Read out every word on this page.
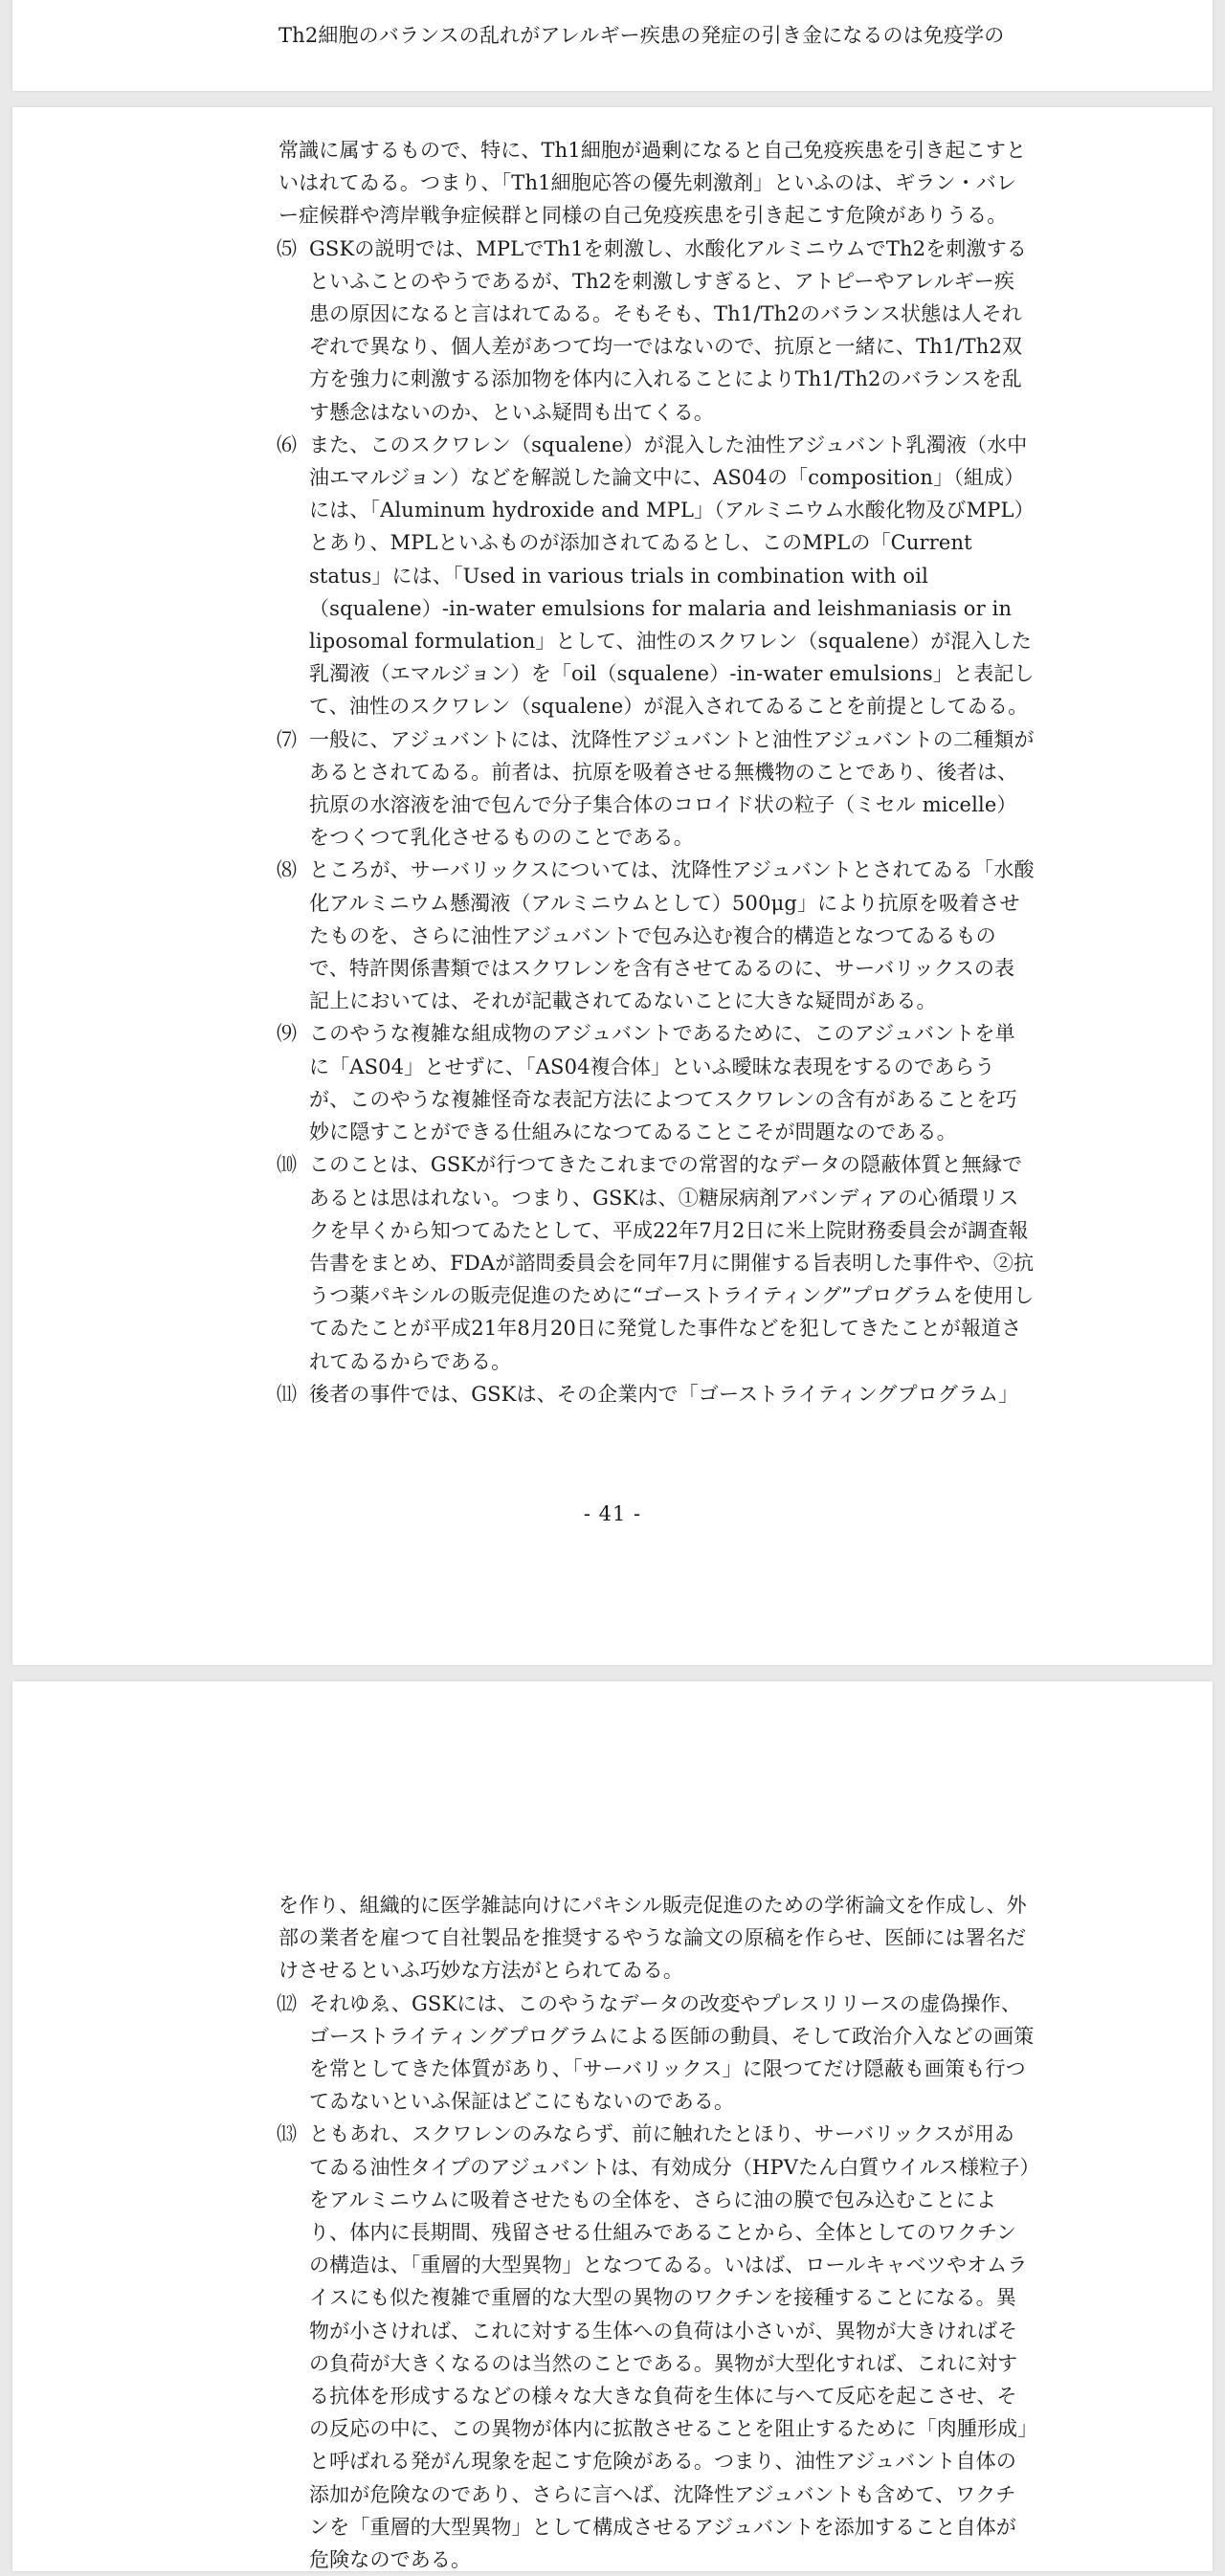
Th2細胞のバランスの乱れがアレルギー疾患の発症の引き金になるのは免疫学の

常識に属するもので、特に、Th1細胞が過剰になると自己免疫疾患を引き起こすといはれてゐる。つまり、「Th1細胞応答の優先刺激剤」といふのは、ギラン・バレー症候群や湾岸戦争症候群と同様の自己免疫疾患を引き起こす危険がありうる。

⑸ GSKの説明では、MPLでTh1を刺激し、水酸化アルミニウムでTh2を刺激するといふことのやうであるが、Th2を刺激しすぎると、アトピーやアレルギー疾患の原因になると言はれてゐる。そもそも、Th1/Th2のバランス状態は人それぞれで異なり、個人差があつて均一ではないので、抗原と一緒に、Th1/Th2双方を強力に刺激する添加物を体内に入れることによりTh1/Th2のバランスを乱す懸念はないのか、といふ疑問も出てくる。
⑹ また、このスクワレン（squalene）が混入した油性アジュバント乳濁液（水中油エマルジョン）などを解説した論文中に、AS04の「composition」（組成）には、「Aluminum hydroxide and MPL」（アルミニウム水酸化物及びMPL）とあり、MPLといふものが添加されてゐるとし、このMPLの「Current status」には、「Used in various trials in combination with oil（squalene）-in-water emulsions for malaria and leishmaniasis or in liposomal formulation」として、油性のスクワレン（squalene）が混入した乳濁液（エマルジョン）を「oil（squalene）-in-water emulsions」と表記して、油性のスクワレン（squalene）が混入されてゐることを前提としてゐる。
⑺ 一般に、アジュバントには、沈降性アジュバントと油性アジュバントの二種類があるとされてゐる。前者は、抗原を吸着させる無機物のことであり、後者は、抗原の水溶液を油で包んで分子集合体のコロイド状の粒子（ミセル micelle）をつくつて乳化させるもののことである。
⑻ ところが、サーバリックスについては、沈降性アジュバントとされてゐる「水酸化アルミニウム懸濁液（アルミニウムとして）500μg」により抗原を吸着させたものを、さらに油性アジュバントで包み込む複合的構造となつてゐるもので、特許関係書類ではスクワレンを含有させてゐるのに、サーバリックスの表記上においては、それが記載されてゐないことに大きな疑問がある。
⑼ このやうな複雑な組成物のアジュバントであるために、このアジュバントを単に「AS04」とせずに、「AS04複合体」といふ曖昧な表現をするのであらうが、このやうな複雑怪奇な表記方法によつてスクワレンの含有があることを巧妙に隠すことができる仕組みになつてゐることこそが問題なのである。
⑽ このことは、GSKが行つてきたこれまでの常習的なデータの隠蔽体質と無縁であるとは思はれない。つまり、GSKは、①糖尿病剤アバンディアの心循環リスクを早くから知つてゐたとして、平成22年7月2日に米上院財務委員会が調査報告書をまとめ、FDAが諮問委員会を同年7月に開催する旨表明した事件や、②抗うつ薬パキシルの販売促進のために“ゴーストライティング”プログラムを使用してゐたことが平成21年8月20日に発覚した事件などを犯してきたことが報道されてゐるからである。
⑾ 後者の事件では、GSKは、その企業内で「ゴーストライティングプログラム」
- 41 -

を作り、組織的に医学雑誌向けにパキシル販売促進のための学術論文を作成し、外部の業者を雇つて自社製品を推奨するやうな論文の原稿を作らせ、医師には署名だけさせるといふ巧妙な方法がとられてゐる。

⑿ それゆゑ、GSKには、このやうなデータの改変やプレスリリースの虚偽操作、ゴーストライティングプログラムによる医師の動員、そして政治介入などの画策を常としてきた体質があり、「サーバリックス」に限つてだけ隠蔽も画策も行つてゐないといふ保証はどこにもないのである。
⒀ ともあれ、スクワレンのみならず、前に触れたとほり、サーバリックスが用ゐてゐる油性タイプのアジュバントは、有効成分（HPVたん白質ウイルス様粒子）をアルミニウムに吸着させたもの全体を、さらに油の膜で包み込むことにより、体内に長期間、残留させる仕組みであることから、全体としてのワクチンの構造は、「重層的大型異物」となつてゐる。いはば、ロールキャベツやオムライスにも似た複雑で重層的な大型の異物のワクチンを接種することになる。異物が小さければ、これに対する生体への負荷は小さいが、異物が大きければその負荷が大きくなるのは当然のことである。異物が大型化すれば、これに対する抗体を形成するなどの様々な大きな負荷を生体に与へて反応を起こさせ、その反応の中に、この異物が体内に拡散させることを阻止するために「肉腫形成」と呼ばれる発がん現象を起こす危険がある。つまり、油性アジュバント自体の添加が危険なのであり、さらに言へば、沈降性アジュバントも含めて、ワクチンを「重層的大型異物」として構成させるアジュバントを添加すること自体が危険なのである。
